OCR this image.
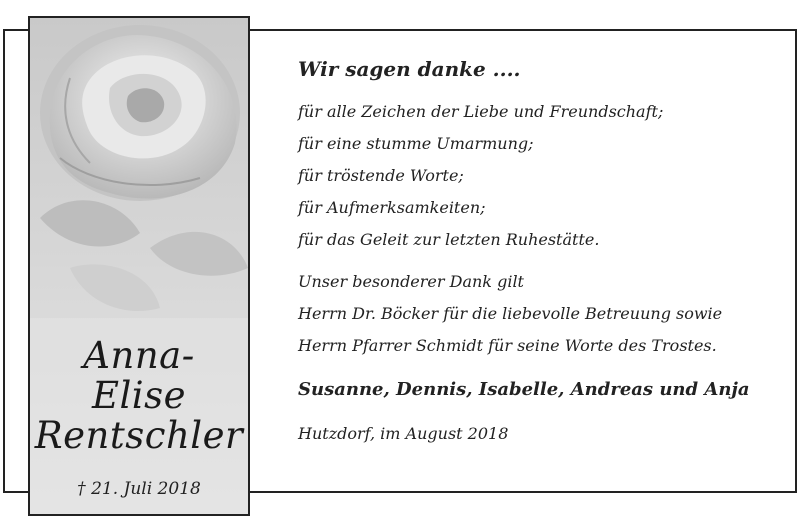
Anna-
Elise
Rentschler
† 21. Juli 2018
Wir sagen danke ....
für alle Zeichen der Liebe und Freundschaft;
für eine stumme Umarmung;
für tröstende Worte;
für Aufmerksamkeiten;
für das Geleit zur letzten Ruhestätte.
Unser besonderer Dank gilt
Herrn Dr. Böcker für die liebevolle Betreuung sowie
Herrn Pfarrer Schmidt für seine Worte des Trostes.
Susanne, Dennis, Isabelle, Andreas und Anja
Hutzdorf, im August 2018
